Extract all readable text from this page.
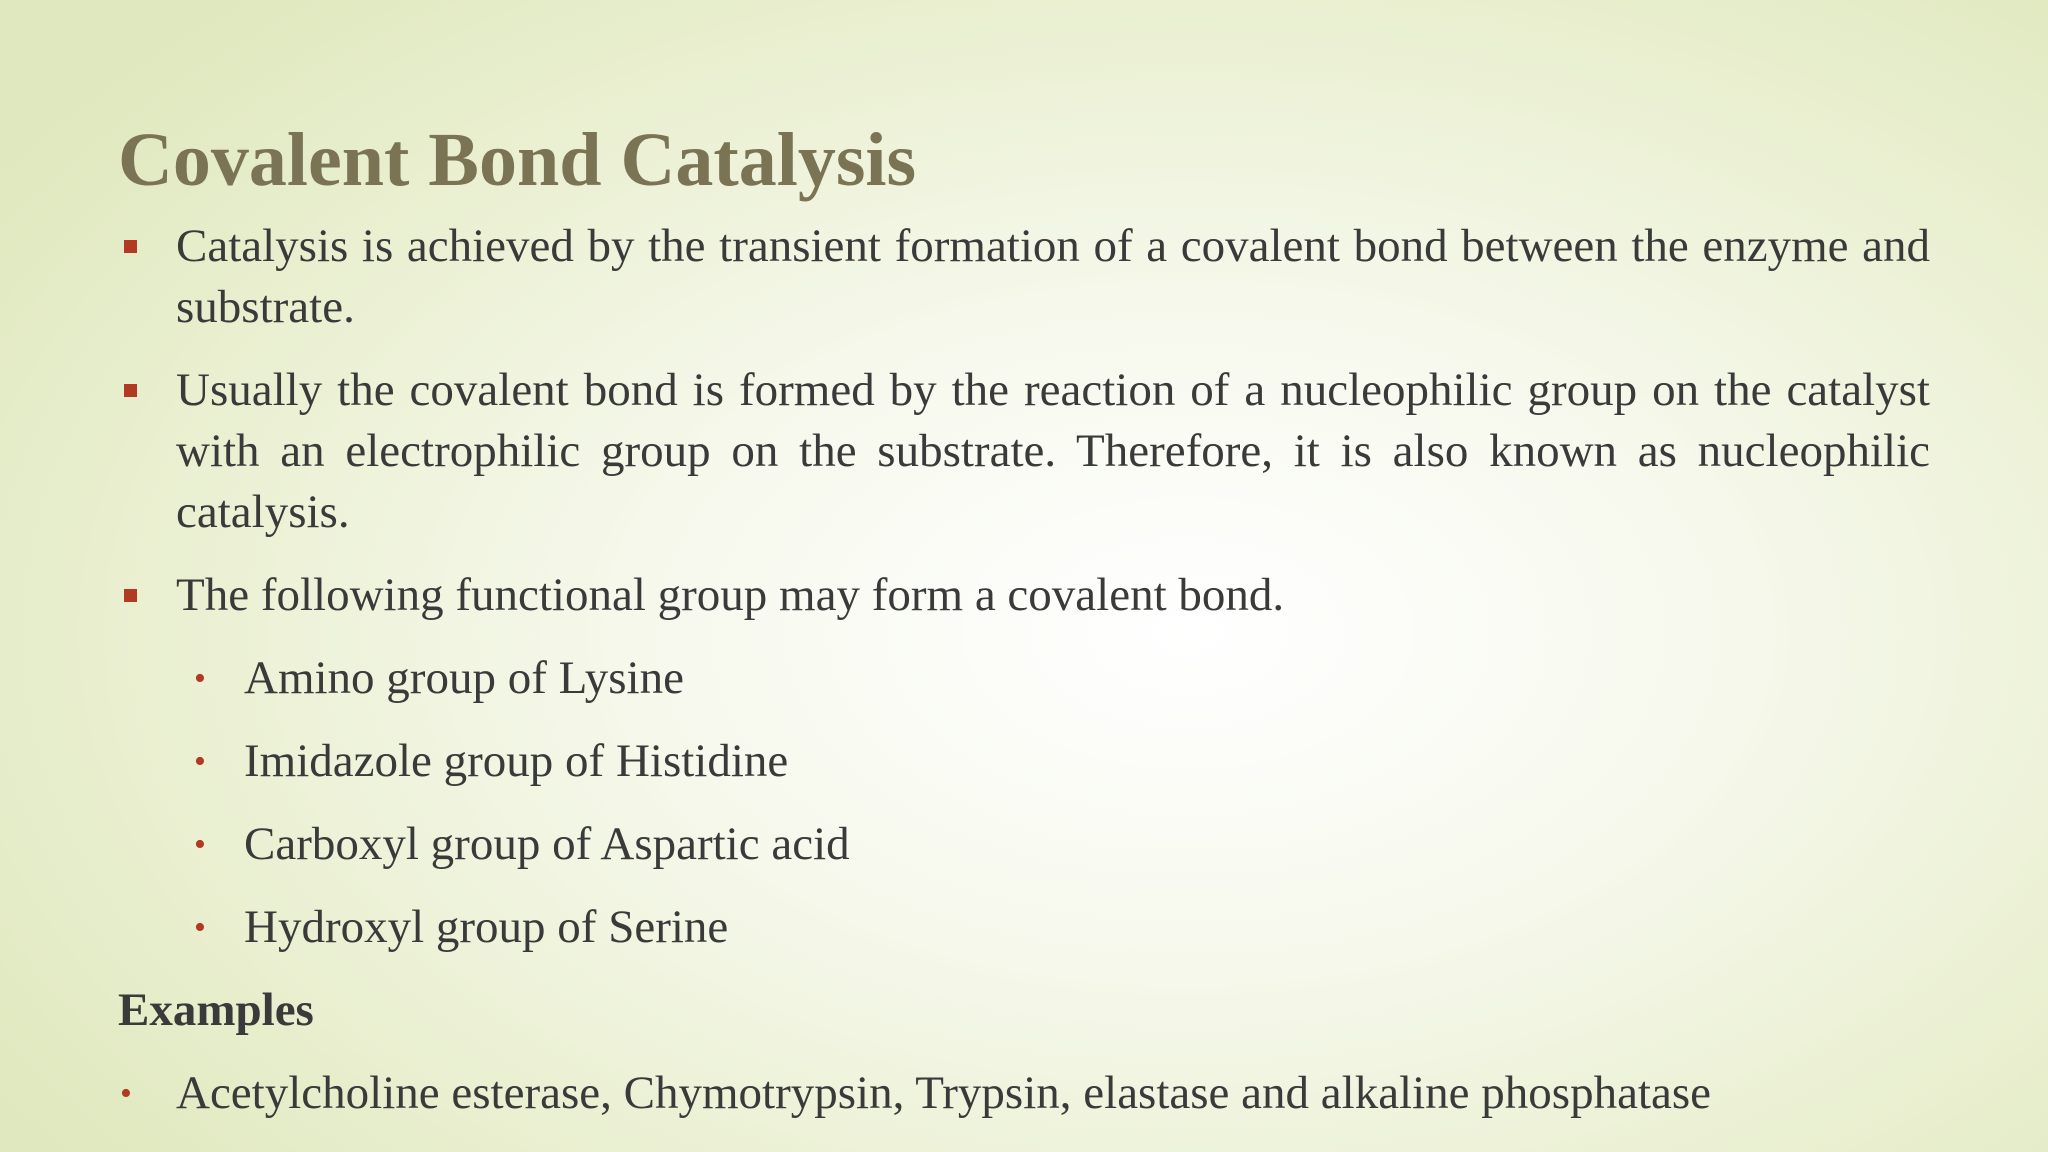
Covalent Bond Catalysis
Catalysis is achieved by the transient formation of a covalent bond between the enzyme and substrate.
Usually the covalent bond is formed by the reaction of a nucleophilic group on the catalyst with an electrophilic group on the substrate. Therefore, it is also known as nucleophilic catalysis.
The following functional group may form a covalent bond.
• Amino group of Lysine
• Imidazole group of Histidine
• Carboxyl group of Aspartic acid
• Hydroxyl group of Serine
Examples
• Acetylcholine esterase, Chymotrypsin, Trypsin, elastase and alkaline phosphatase
